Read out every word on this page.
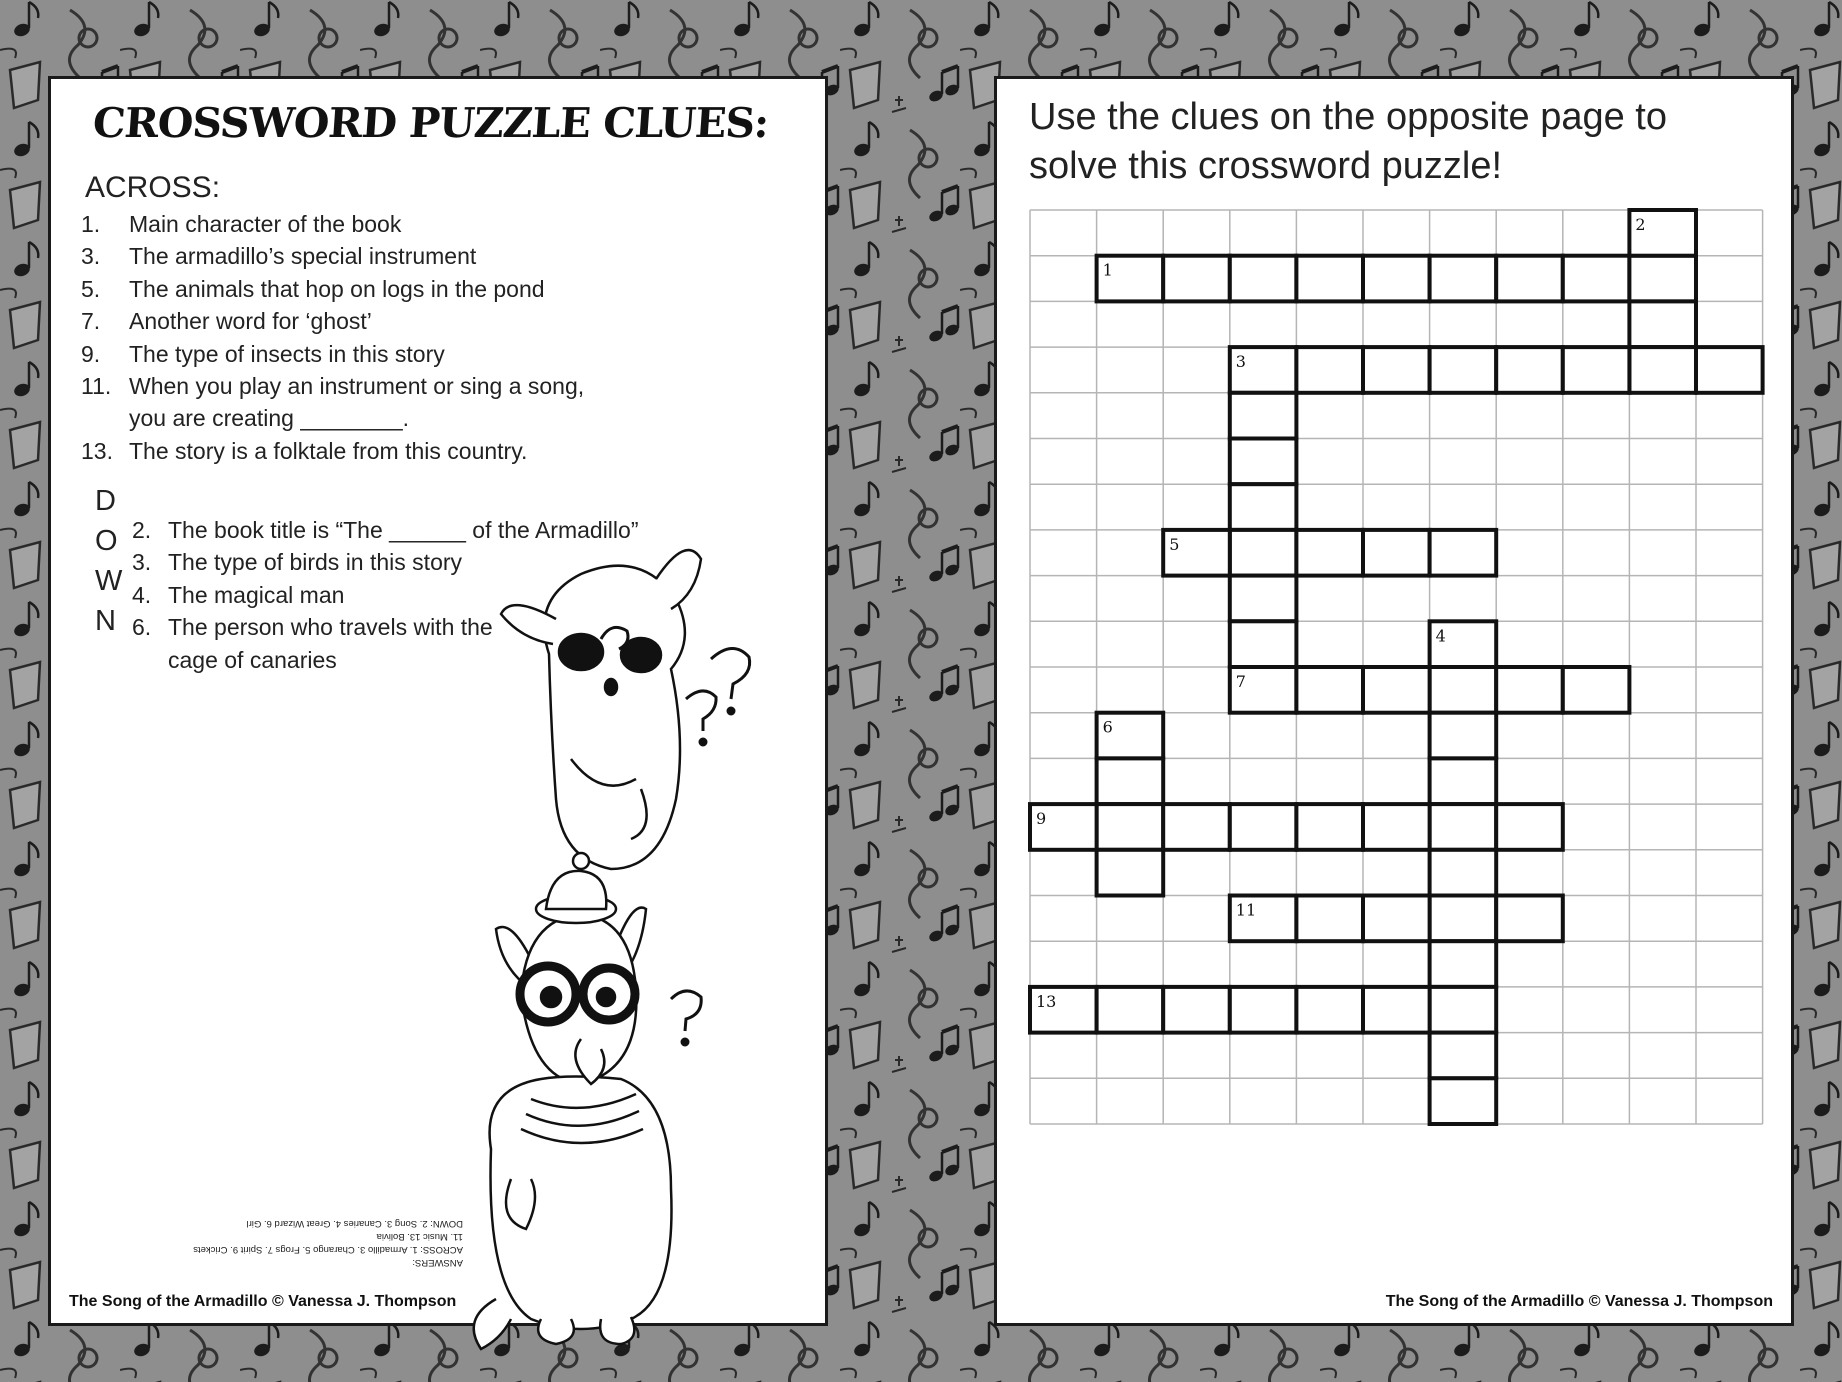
CROSSWORD PUZZLE CLUES:
ACROSS:
1. Main character of the book
3. The armadillo’s special instrument
5. The animals that hop on logs in the pond
7. Another word for ‘ghost’
9. The type of insects in this story
11. When you play an instrument or sing a song,
you are creating ________.
13. The story is a folktale from this country.
D
O
W
N
2. The book title is “The ______ of the Armadillo”
3. The type of birds in this story
4. The magical man
6. The person who travels with the
cage of canaries
ANSWERS:
ACROSS: 1. Armadillo 3. Charango 5. Frogs 7. Spirit 9. Crickets
11. Music 13. Bolivia
DOWN: 2. Song 3. Canaries 4. Great Wizard 6. Girl
The Song of the Armadillo © Vanessa J. Thompson
Use the clues on the opposite page to
solve this crossword puzzle!
1
2
3
5
4
7
6
9
11
13
The Song of the Armadillo © Vanessa J. Thompson
